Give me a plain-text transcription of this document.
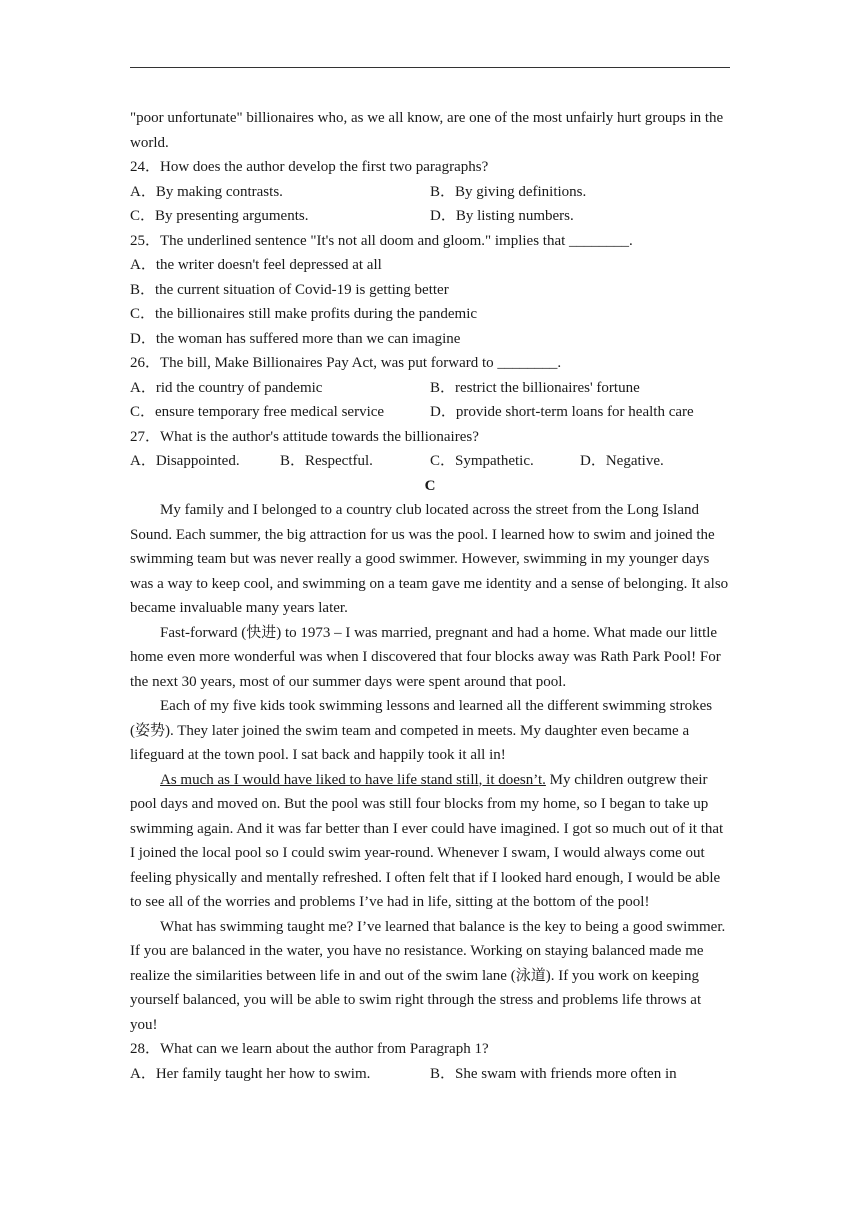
"poor unfortunate" billionaires who, as we all know, are one of the most unfairly hurt groups in the world.
24．How does the author develop the first two paragraphs?
A．By making contrasts.	B．By giving definitions.
C．By presenting arguments.	D．By listing numbers.
25．The underlined sentence "It's not all doom and gloom." implies that ________.
A．the writer doesn't feel depressed at all
B．the current situation of Covid-19 is getting better
C．the billionaires still make profits during the pandemic
D．the woman has suffered more than we can imagine
26．The bill, Make Billionaires Pay Act, was put forward to ________.
A．rid the country of pandemic	B．restrict the billionaires' fortune
C．ensure temporary free medical service	D．provide short-term loans for health care
27．What is the author's attitude towards the billionaires?
A．Disappointed.	B．Respectful.	C．Sympathetic.	D．Negative.
C
My family and I belonged to a country club located across the street from the Long Island Sound. Each summer, the big attraction for us was the pool. I learned how to swim and joined the swimming team but was never really a good swimmer. However, swimming in my younger days was a way to keep cool, and swimming on a team gave me identity and a sense of belonging. It also became invaluable many years later.
Fast-forward (快进) to 1973 – I was married, pregnant and had a home. What made our little home even more wonderful was when I discovered that four blocks away was Rath Park Pool! For the next 30 years, most of our summer days were spent around that pool.
Each of my five kids took swimming lessons and learned all the different swimming strokes (姿势). They later joined the swim team and competed in meets. My daughter even became a lifeguard at the town pool. I sat back and happily took it all in!
As much as I would have liked to have life stand still, it doesn’t. My children outgrew their pool days and moved on. But the pool was still four blocks from my home, so I began to take up swimming again. And it was far better than I ever could have imagined. I got so much out of it that I joined the local pool so I could swim year-round. Whenever I swam, I would always come out feeling physically and mentally refreshed. I often felt that if I looked hard enough, I would be able to see all of the worries and problems I’ve had in life, sitting at the bottom of the pool!
What has swimming taught me? I’ve learned that balance is the key to being a good swimmer. If you are balanced in the water, you have no resistance. Working on staying balanced made me realize the similarities between life in and out of the swim lane (泳道). If you work on keeping yourself balanced, you will be able to swim right through the stress and problems life throws at you!
28．What can we learn about the author from Paragraph 1?
A．Her family taught her how to swim.	B．She swam with friends more often in
